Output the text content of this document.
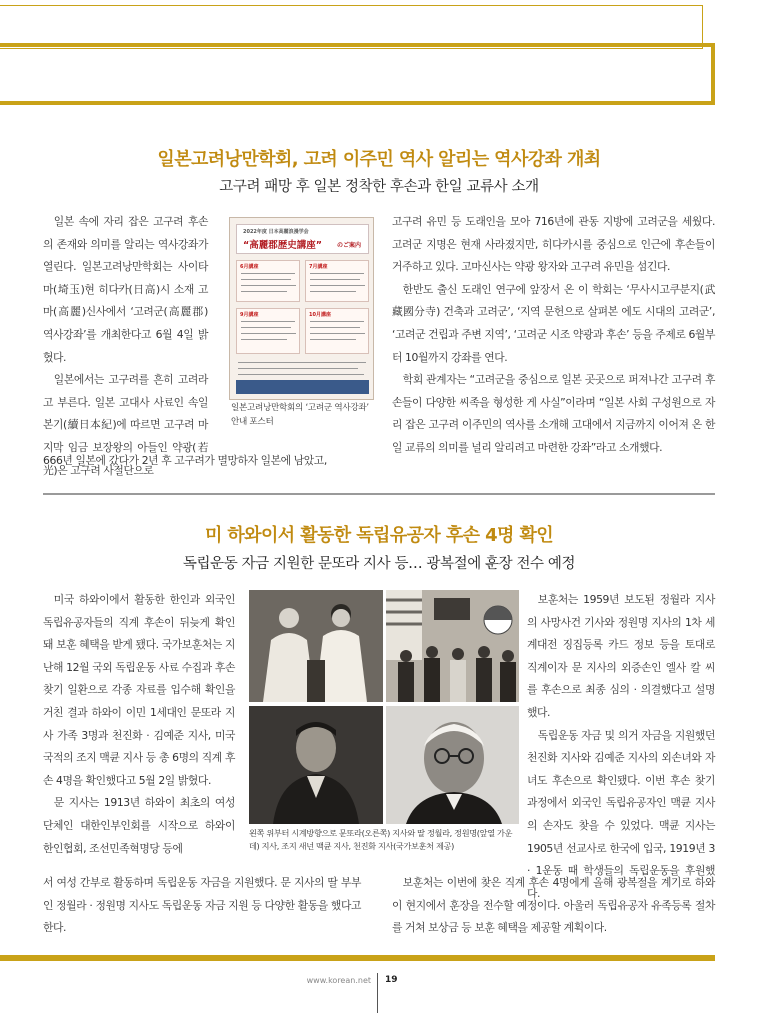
일본고려낭만학회, 고려 이주민 역사 알리는 역사강좌 개최
고구려 패망 후 일본 정착한 후손과 한일 교류사 소개

일본 속에 자리 잡은 고구려 후손의 존재와 의미를 알리는 역사강좌가 열린다. 일본고려낭만학회는 사이타마(埼玉)현 히다카(日高)시 소재 고마(高麗)신사에서 ‘고려군(高麗郡) 역사강좌’를 개최한다고 6월 4일 밝혔다.

일본에서는 고구려를 흔히 고려라고 부른다. 일본 고대사 사료인 속일본기(續日本紀)에 따르면 고구려 마지막 임금 보장왕의 아들인 약광(若光)은 고구려 사절단으로

666년 일본에 갔다가 2년 후 고구려가 멸망하자 일본에 남았고,
2022年度 日本高麗浪漫学会
“高麗郡歴史講座”	のご案内
6月講座	7月講座
9月講座	10月講座
일본고려낭만학회의 ‘고려군 역사강좌’ 안내 포스터

고구려 유민 등 도래인을 모아 716년에 관동 지방에 고려군을 세웠다. 고려군 지명은 현재 사라졌지만, 히다카시를 중심으로 인근에 후손들이 거주하고 있다. 고마신사는 약광 왕자와 고구려 유민을 섬긴다.

한반도 출신 도래인 연구에 앞장서 온 이 학회는 ‘무사시고쿠분지(武藏國分寺) 건축과 고려군’, ‘지역 문헌으로 살펴본 에도 시대의 고려군’, ‘고려군 건립과 주변 지역’, ‘고려군 시조 약광과 후손’ 등을 주제로 6월부터 10월까지 강좌를 연다.

학회 관계자는 “고려군을 중심으로 일본 곳곳으로 퍼져나간 고구려 후손들이 다양한 씨족을 형성한 게 사실”이라며 “일본 사회 구성원으로 자리 잡은 고구려 이주민의 역사를 소개해 고대에서 지금까지 이어져 온 한일 교류의 의미를 널리 알리려고 마련한 강좌”라고 소개했다.

미 하와이서 활동한 독립유공자 후손 4명 확인
독립운동 자금 지원한 문또라 지사 등… 광복절에 훈장 전수 예정

미국 하와이에서 활동한 한인과 외국인 독립유공자들의 직계 후손이 뒤늦게 확인돼 보훈 혜택을 받게 됐다. 국가보훈처는 지난해 12월 국외 독립운동 사료 수집과 후손 찾기 일환으로 각종 자료를 입수해 확인을 거친 결과 하와이 이민 1세대인 문또라 지사 가족 3명과 천진화 · 김예준 지사, 미국 국적의 조지 맥큔 지사 등 총 6명의 직계 후손 4명을 확인했다고 5월 2일 밝혔다.

문 지사는 1913년 하와이 최초의 여성단체인 대한인부인회를 시작으로 하와이 한인협회, 조선민족혁명당 등에

서 여성 간부로 활동하며 독립운동 자금을 지원했다. 문 지사의 딸 부부인 정월라 · 정원명 지사도 독립운동 자금 지원 등 다양한 활동을 했다고 한다.
왼쪽 위부터 시계방향으로 문또라(오른쪽) 지사와 딸 정월라, 정원명(앞열 가운데) 지사, 조지 새넌 맥큔 지사, 천진화 지사(국가보훈처 제공)

보훈처는 1959년 보도된 정월라 지사의 사망사건 기사와 정원명 지사의 1차 세계대전 징집등록 카드 정보 등을 토대로 직계이자 문 지사의 외증손인 엘사 칼 씨를 후손으로 최종 심의 · 의결했다고 설명했다.

독립운동 자금 및 의거 자금을 지원했던 천진화 지사와 김예준 지사의 외손녀와 자녀도 후손으로 확인됐다. 이번 후손 찾기 과정에서 외국인 독립유공자인 맥큔 지사의 손자도 찾을 수 있었다. 맥큔 지사는 1905년 선교사로 한국에 입국, 1919년 3 · 1운동 때 학생들의 독립운동을 후원했다.

보훈처는 이번에 찾은 직계 후손 4명에게 올해 광복절을 계기로 하와이 현지에서 훈장을 전수할 예정이다. 아울러 독립유공자 유족등록 절차를 거쳐 보상금 등 보훈 혜택을 제공할 계획이다.

www.korean.net 19
